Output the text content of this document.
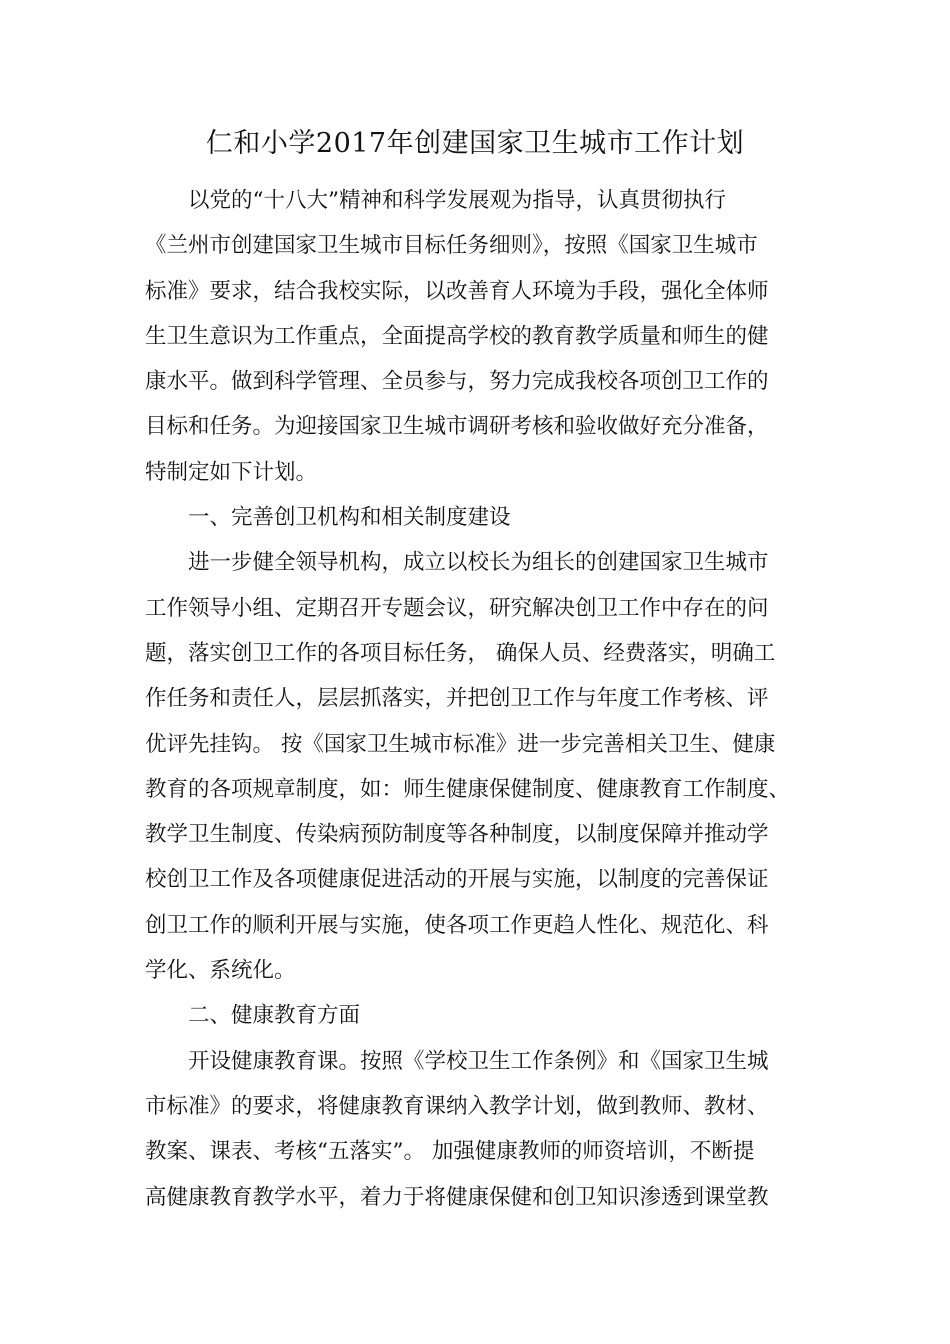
仁和小学2017年创建国家卫生城市工作计划
以党的“十八大”精神和科学发展观为指导，认真贯彻执行
《兰州市创建国家卫生城市目标任务细则》，按照《国家卫生城市
标准》要求，结合我校实际，以改善育人环境为手段，强化全体师
生卫生意识为工作重点，全面提高学校的教育教学质量和师生的健
康水平。做到科学管理、全员参与，努力完成我校各项创卫工作的
目标和任务。为迎接国家卫生城市调研考核和验收做好充分准备，
特制定如下计划。
一、完善创卫机构和相关制度建设
进一步健全领导机构，成立以校长为组长的创建国家卫生城市
工作领导小组、定期召开专题会议，研究解决创卫工作中存在的问
题，落实创卫工作的各项目标任务， 确保人员、经费落实，明确工
作任务和责任人，层层抓落实，并把创卫工作与年度工作考核、评
优评先挂钩。 按《国家卫生城市标准》进一步完善相关卫生、健康
教育的各项规章制度，如：师生健康保健制度、健康教育工作制度、
教学卫生制度、传染病预防制度等各种制度，以制度保障并推动学
校创卫工作及各项健康促进活动的开展与实施，以制度的完善保证
创卫工作的顺利开展与实施，使各项工作更趋人性化、规范化、科
学化、系统化。
二、健康教育方面
开设健康教育课。按照《学校卫生工作条例》和《国家卫生城
市标准》的要求，将健康教育课纳入教学计划，做到教师、教材、
教案、课表、考核“五落实”。 加强健康教师的师资培训，不断提
高健康教育教学水平，着力于将健康保健和创卫知识渗透到课堂教
